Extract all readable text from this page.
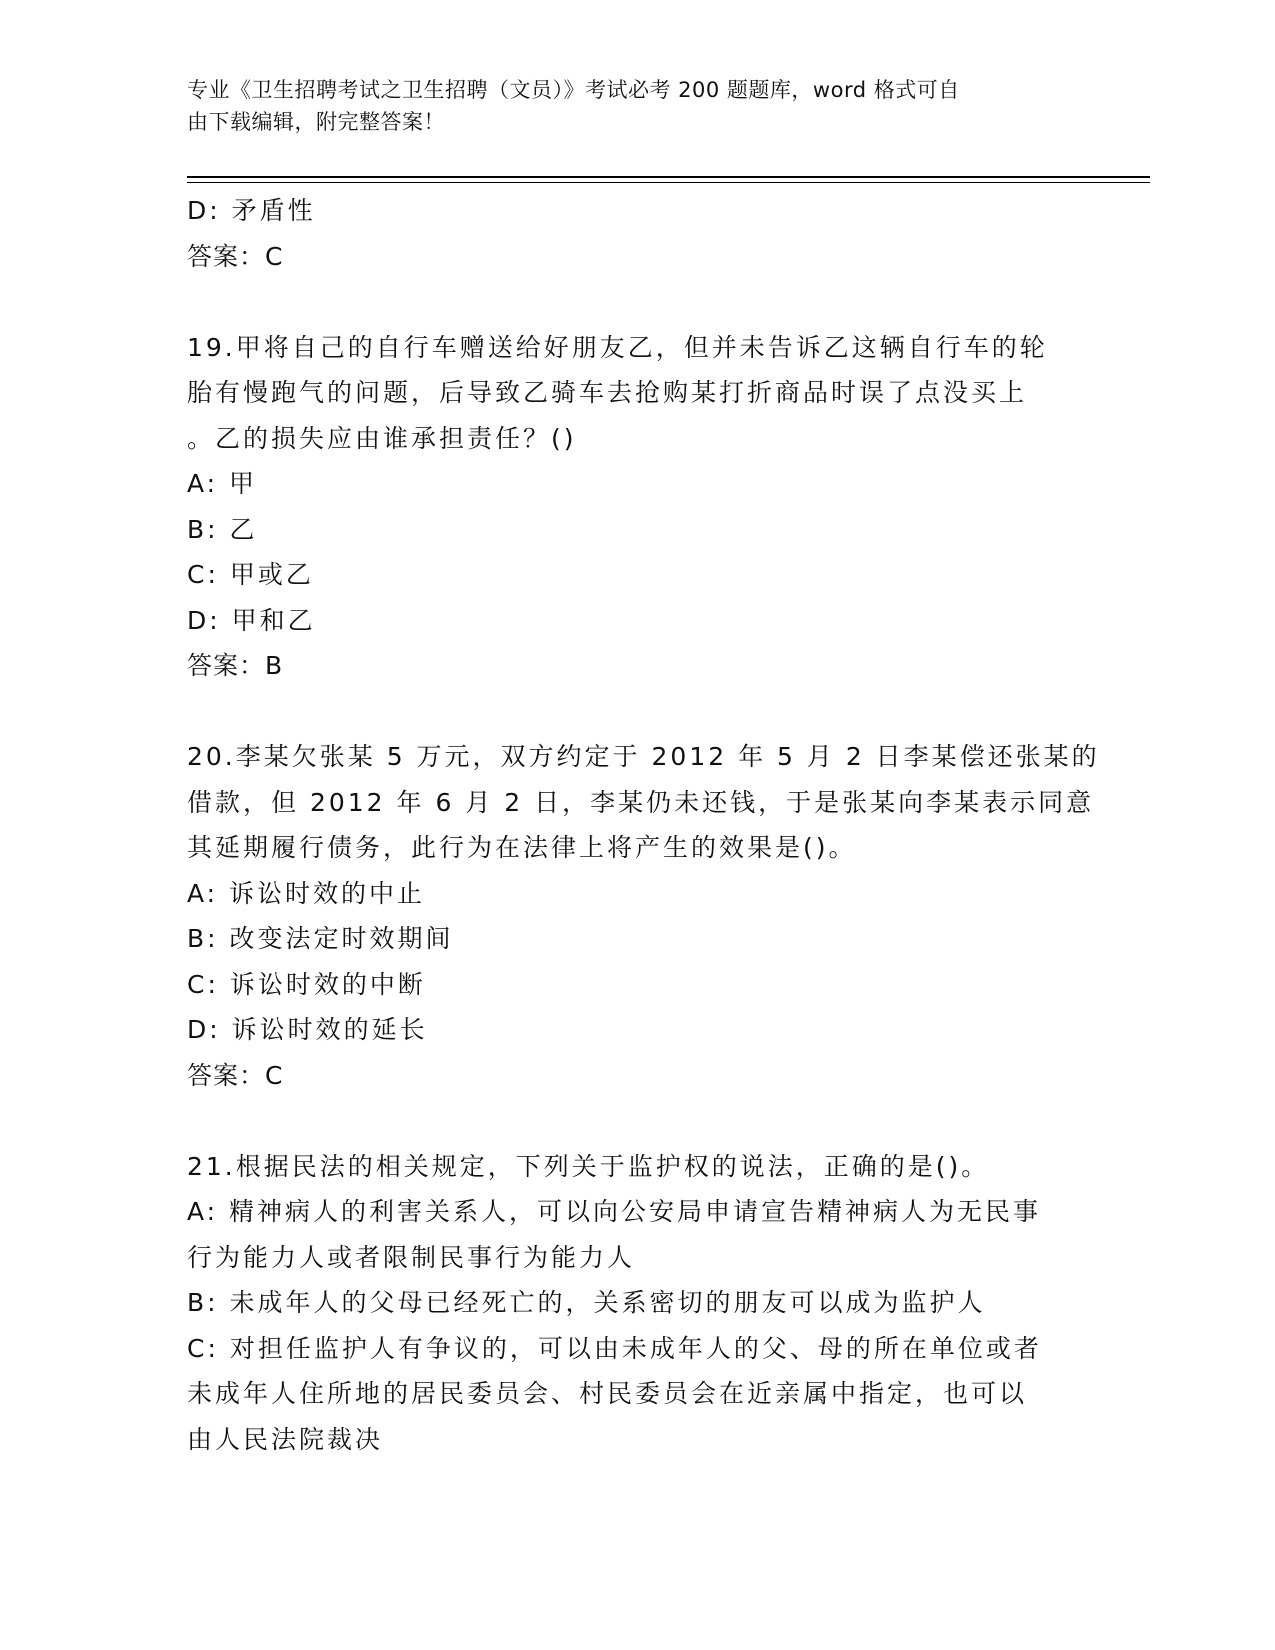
专业《卫生招聘考试之卫生招聘（文员）》考试必考 200 题题库，word 格式可自
由下载编辑，附完整答案！
D: 矛盾性
答案：C
19.甲将自己的自行车赠送给好朋友乙，但并未告诉乙这辆自行车的轮
胎有慢跑气的问题，后导致乙骑车去抢购某打折商品时误了点没买上
。乙的损失应由谁承担责任？()
A: 甲
B: 乙
C: 甲或乙
D: 甲和乙
答案：B
20.李某欠张某 5 万元，双方约定于 2012 年 5 月 2 日李某偿还张某的
借款，但 2012 年 6 月 2 日，李某仍未还钱，于是张某向李某表示同意
其延期履行债务，此行为在法律上将产生的效果是()。
A: 诉讼时效的中止
B: 改变法定时效期间
C: 诉讼时效的中断
D: 诉讼时效的延长
答案：C
21.根据民法的相关规定，下列关于监护权的说法，正确的是()。
A: 精神病人的利害关系人，可以向公安局申请宣告精神病人为无民事
行为能力人或者限制民事行为能力人
B: 未成年人的父母已经死亡的，关系密切的朋友可以成为监护人
C: 对担任监护人有争议的，可以由未成年人的父、母的所在单位或者
未成年人住所地的居民委员会、村民委员会在近亲属中指定，也可以
由人民法院裁决
